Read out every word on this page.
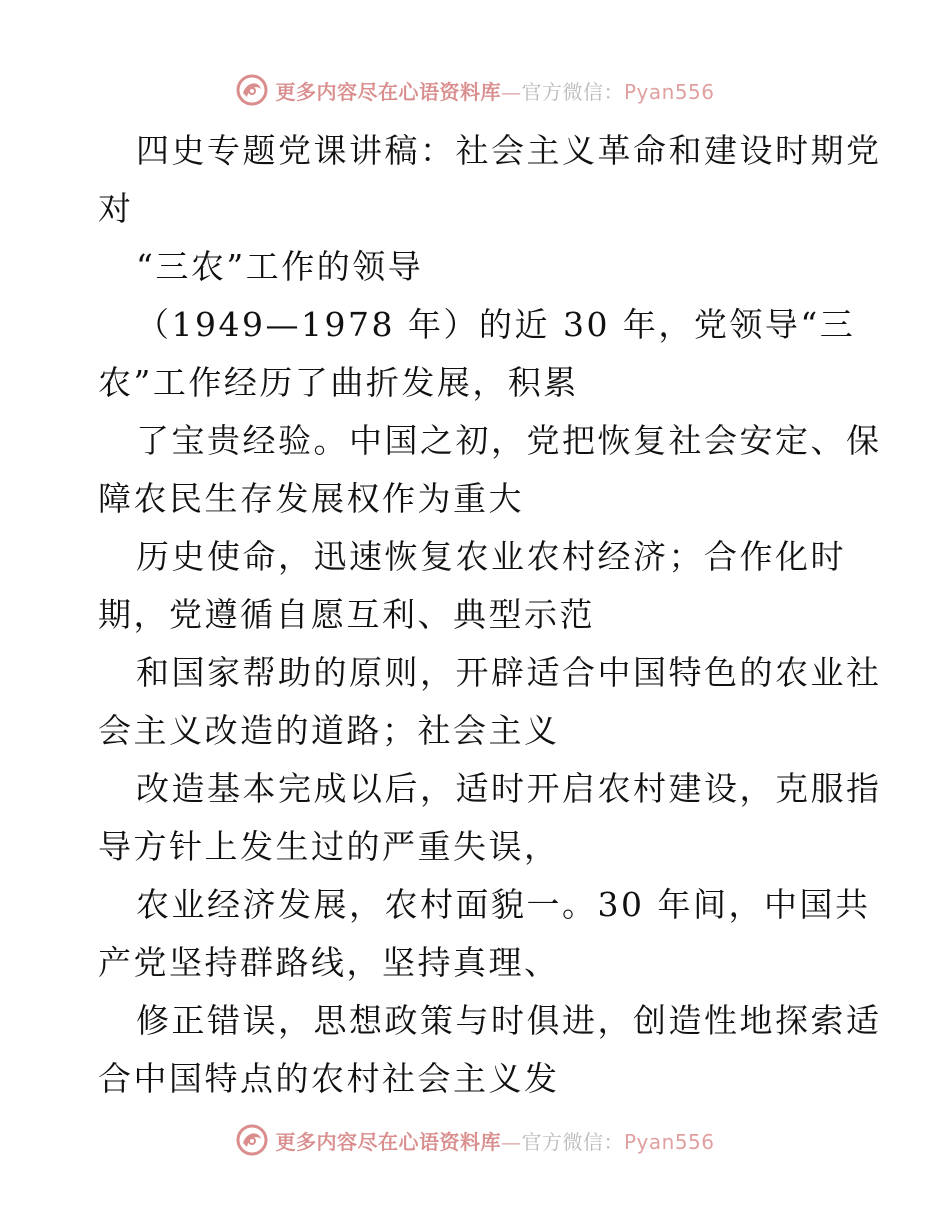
更多内容尽在心语资料库—官方微信：Pyan556
四史专题党课讲稿：社会主义革命和建设时期党
对
“三农”工作的领导
（1949—1978 年）的近 30 年，党领导“三
农”工作经历了曲折发展，积累
了宝贵经验。中国之初，党把恢复社会安定、保
障农民生存发展权作为重大
历史使命，迅速恢复农业农村经济；合作化时
期，党遵循自愿互利、典型示范
和国家帮助的原则，开辟适合中国特色的农业社
会主义改造的道路；社会主义
改造基本完成以后，适时开启农村建设，克服指
导方针上发生过的严重失误，
农业经济发展，农村面貌一。30 年间，中国共
产党坚持群路线，坚持真理、
修正错误，思想政策与时俱进，创造性地探索适
合中国特点的农村社会主义发
更多内容尽在心语资料库—官方微信：Pyan556
